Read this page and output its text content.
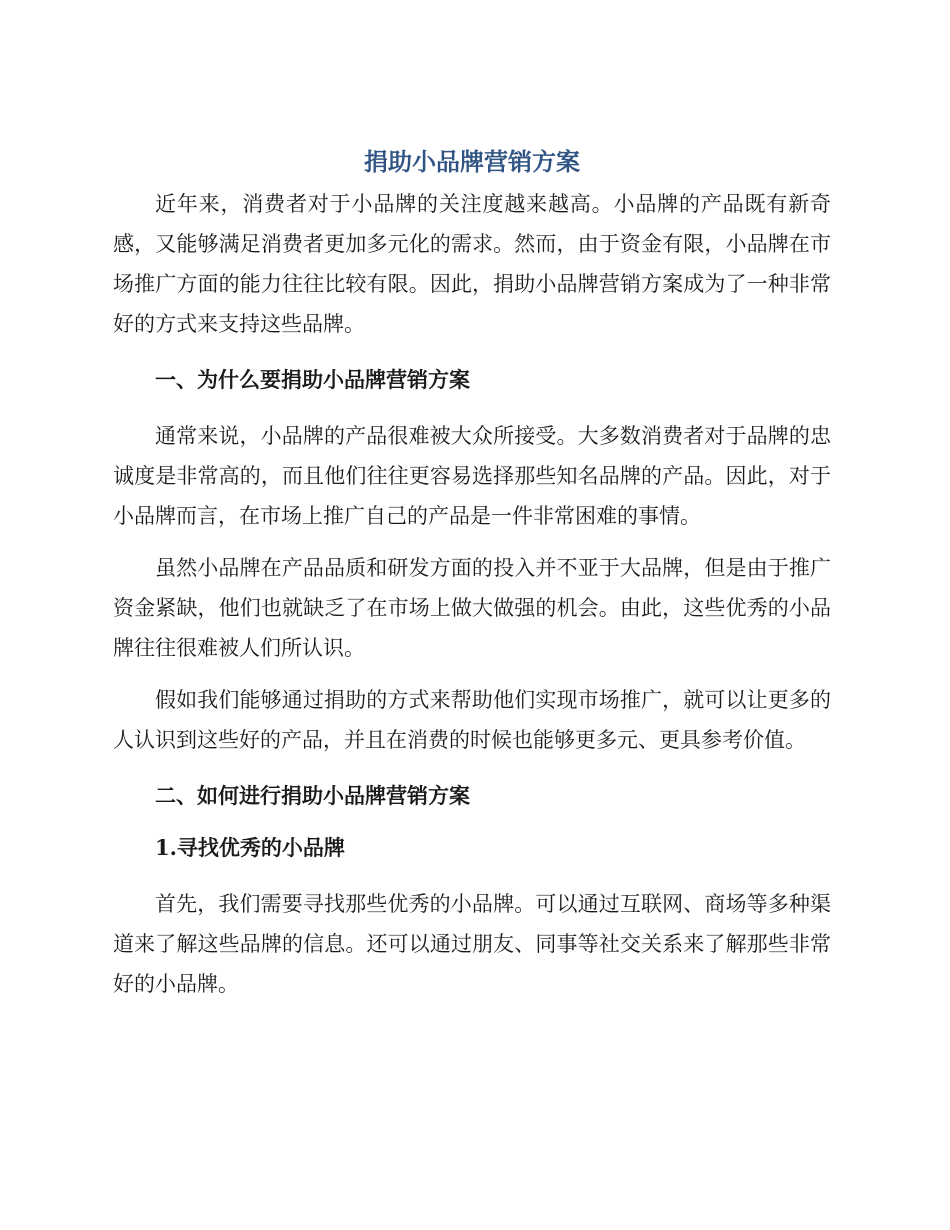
捐助小品牌营销方案

近年来，消费者对于小品牌的关注度越来越高。小品牌的产品既有新奇感，又能够满足消费者更加多元化的需求。然而，由于资金有限，小品牌在市场推广方面的能力往往比较有限。因此，捐助小品牌营销方案成为了一种非常好的方式来支持这些品牌。

一、为什么要捐助小品牌营销方案

通常来说，小品牌的产品很难被大众所接受。大多数消费者对于品牌的忠诚度是非常高的，而且他们往往更容易选择那些知名品牌的产品。因此，对于小品牌而言，在市场上推广自己的产品是一件非常困难的事情。

虽然小品牌在产品品质和研发方面的投入并不亚于大品牌，但是由于推广资金紧缺，他们也就缺乏了在市场上做大做强的机会。由此，这些优秀的小品牌往往很难被人们所认识。

假如我们能够通过捐助的方式来帮助他们实现市场推广，就可以让更多的人认识到这些好的产品，并且在消费的时候也能够更多元、更具参考价值。

二、如何进行捐助小品牌营销方案
1.寻找优秀的小品牌

首先，我们需要寻找那些优秀的小品牌。可以通过互联网、商场等多种渠道来了解这些品牌的信息。还可以通过朋友、同事等社交关系来了解那些非常好的小品牌。
